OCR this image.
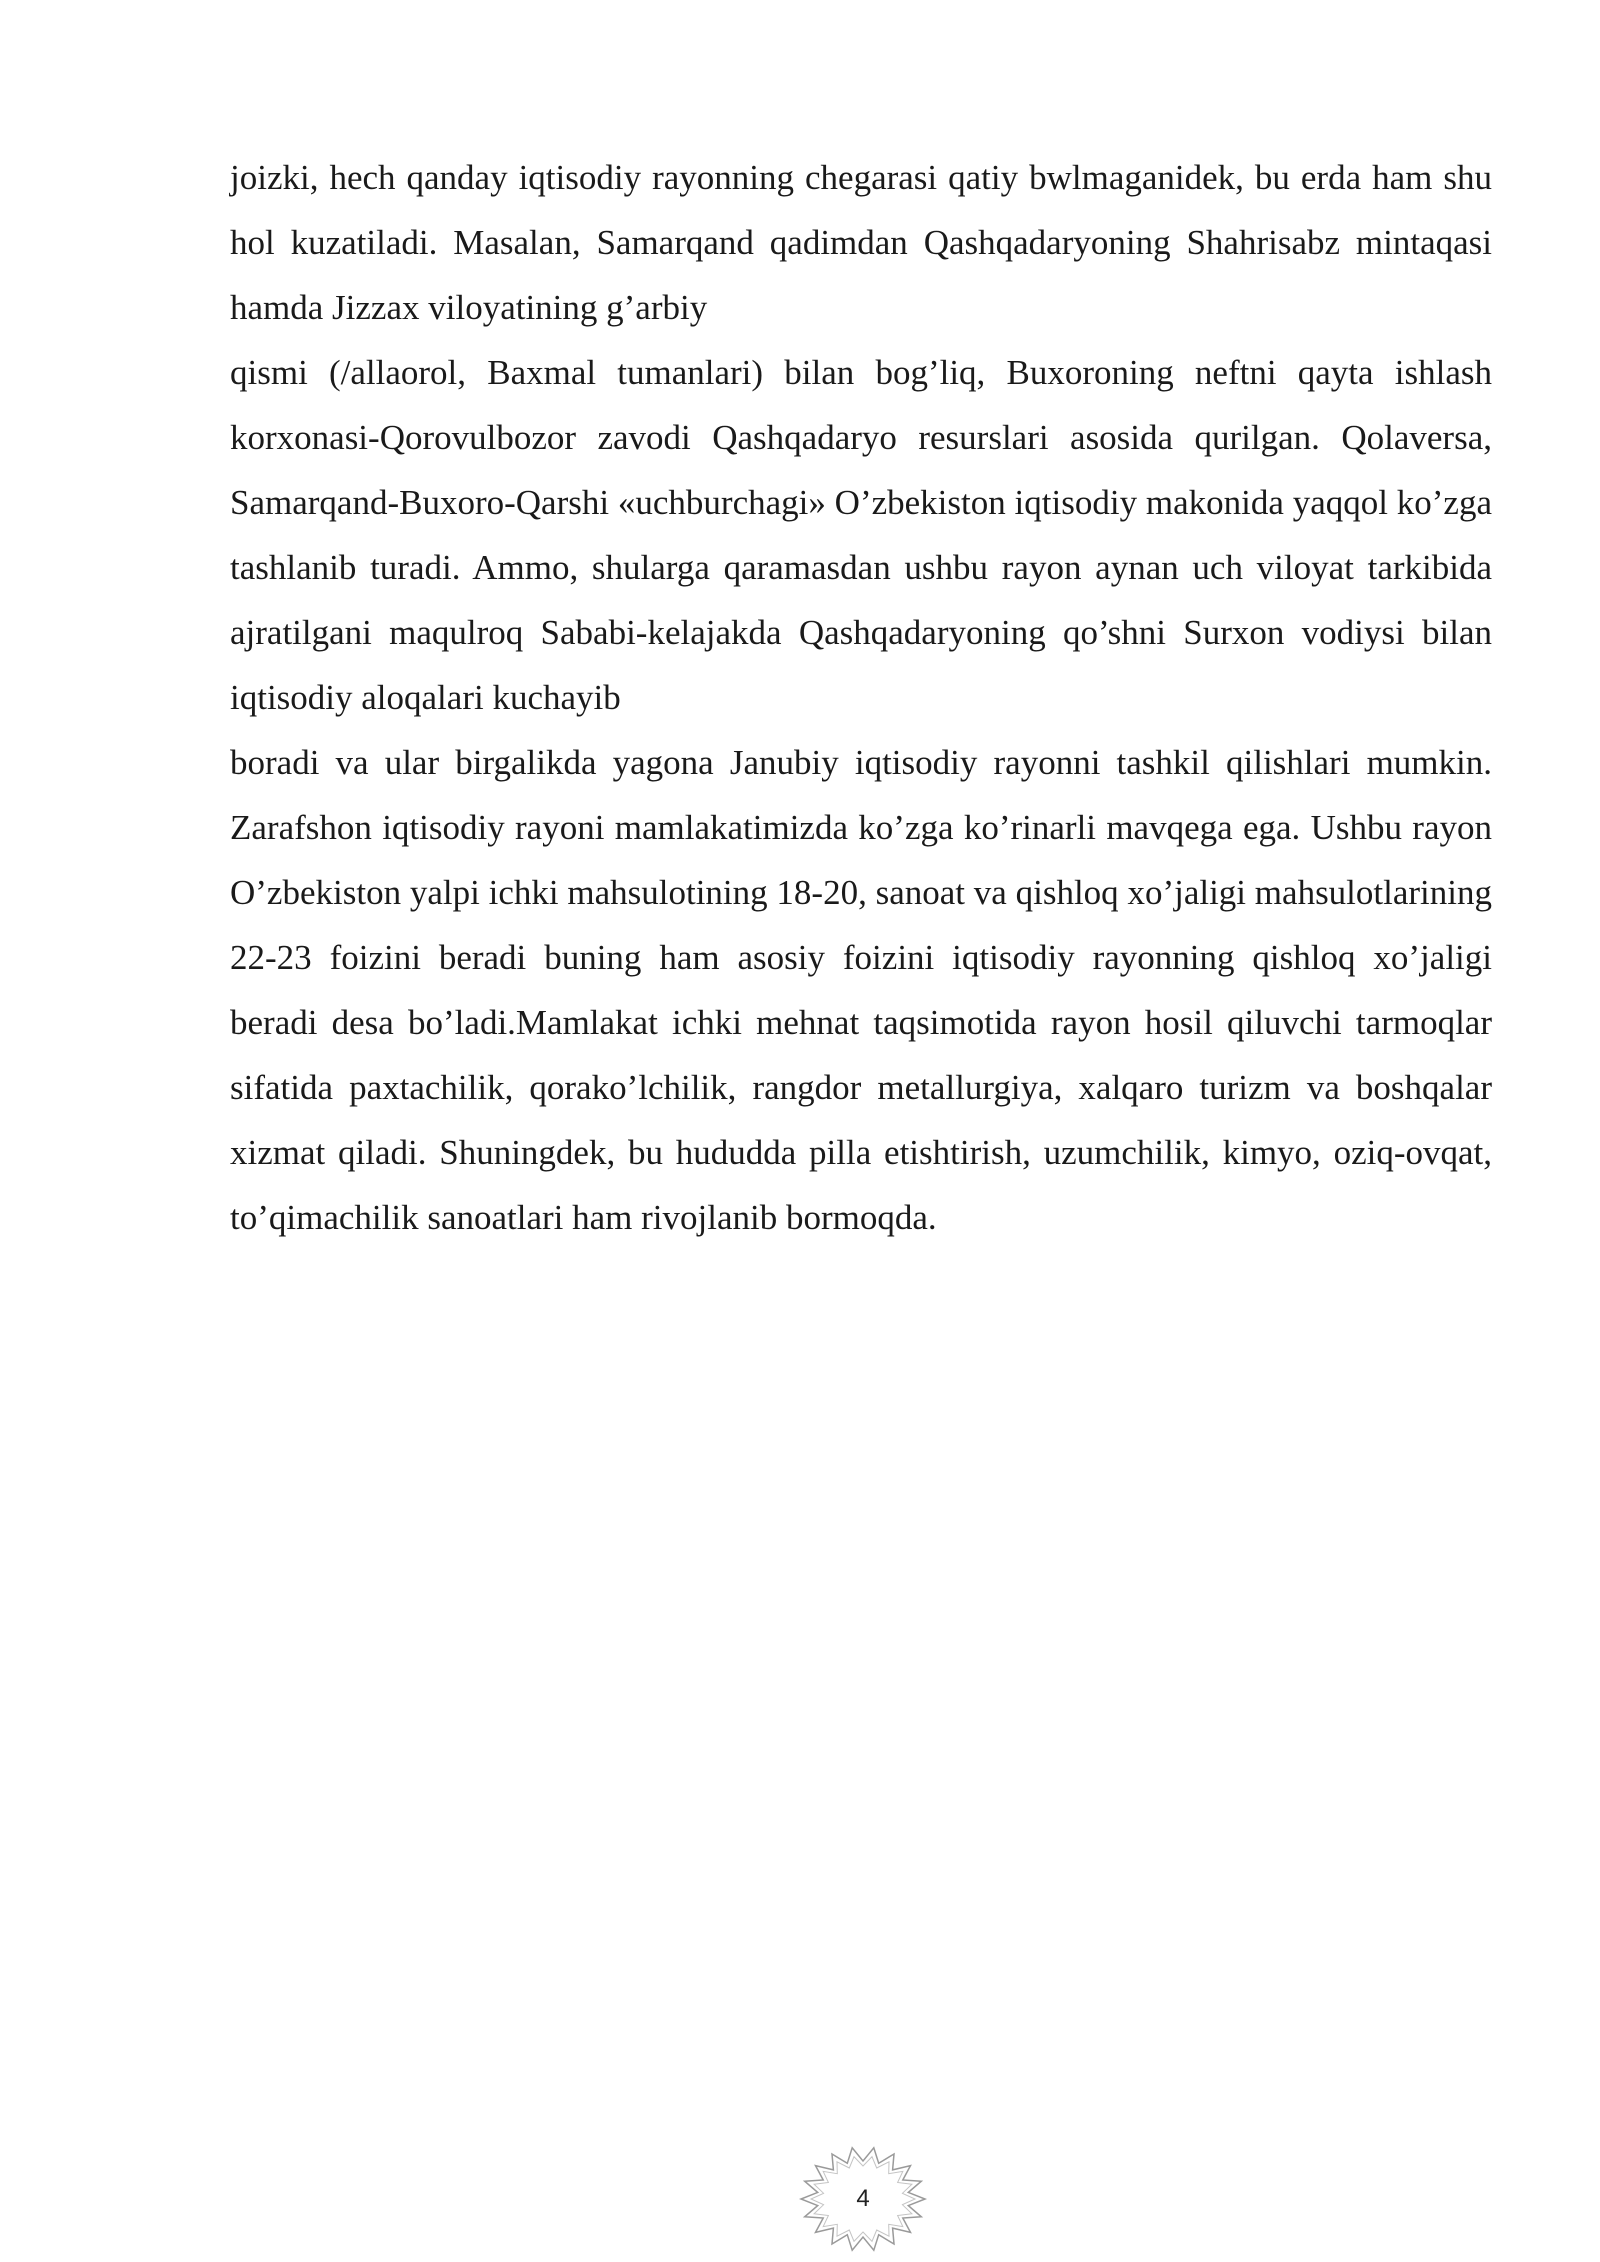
joizki, hech qanday iqtisodiy rayonning chegarasi qatiy bwlmaganidek, bu erda ham shu hol kuzatiladi. Masalan, Samarqand qadimdan Qashqadaryoning Shahrisabz mintaqasi hamda Jizzax viloyatining g’arbiy

qismi (/allaorol, Baxmal tumanlari) bilan bog’liq, Buxoroning neftni qayta ishlash korxonasi-Qorovulbozor zavodi Qashqadaryo resurslari asosida qurilgan. Qolaversa, Samarqand-Buxoro-Qarshi «uchburchagi» O’zbekiston iqtisodiy makonida yaqqol ko’zga tashlanib turadi. Ammo, shularga qaramasdan ushbu rayon aynan uch viloyat tarkibida ajratilgani maqulroq Sababi-kelajakda Qashqadaryoning qo’shni Surxon vodiysi bilan iqtisodiy aloqalari kuchayib

boradi va ular birgalikda yagona Janubiy iqtisodiy rayonni tashkil qilishlari mumkin. Zarafshon iqtisodiy rayoni mamlakatimizda ko’zga ko’rinarli mavqega ega. Ushbu rayon O’zbekiston yalpi ichki mahsulotining 18-20, sanoat va qishloq xo’jaligi mahsulotlarining 22-23 foizini beradi buning ham asosiy foizini iqtisodiy rayonning qishloq xo’jaligi beradi desa bo’ladi.Mamlakat ichki mehnat taqsimotida rayon hosil qiluvchi tarmoqlar sifatida paxtachilik, qorako’lchilik, rangdor metallurgiya, xalqaro turizm va boshqalar xizmat qiladi. Shuningdek, bu hududda pilla etishtirish, uzumchilik, kimyo, oziq-ovqat, to’qimachilik sanoatlari ham rivojlanib bormoqda.

4
